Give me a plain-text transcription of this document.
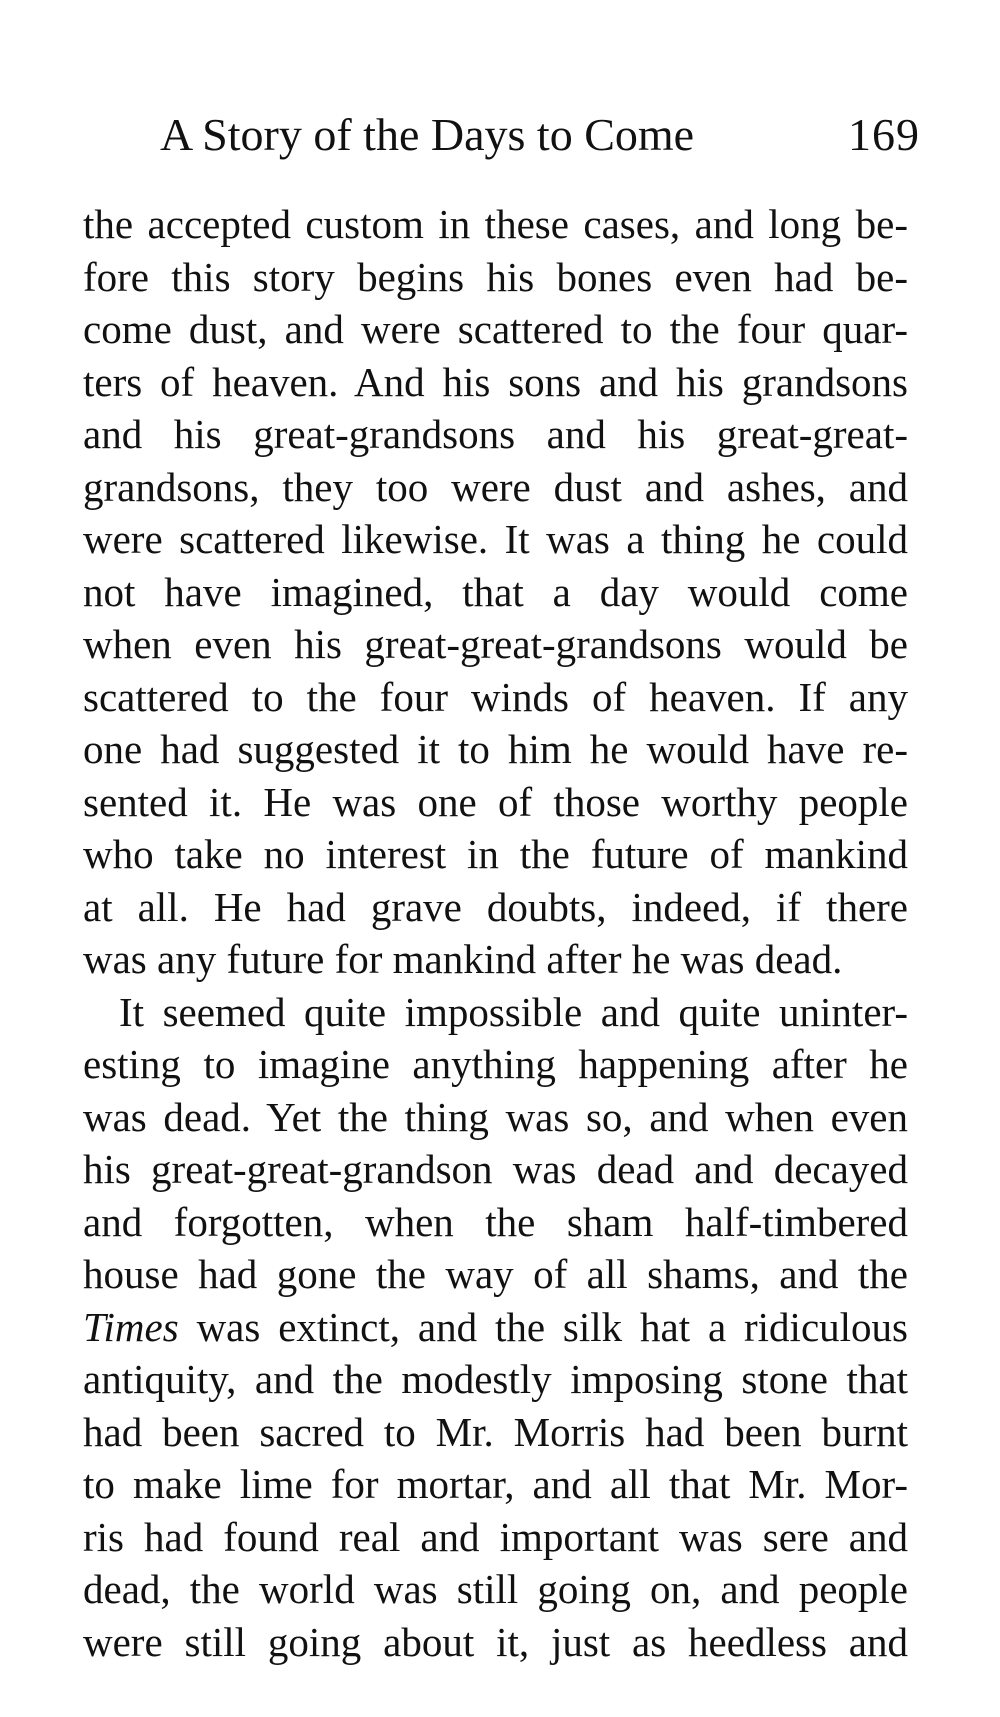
A Story of the Days to Come	169
the accepted custom in these cases, and long be-
fore this story begins his bones even had be-
come dust, and were scattered to the four quar-
ters of heaven. And his sons and his grandsons
and his great-grandsons and his great-great-
grandsons, they too were dust and ashes, and
were scattered likewise. It was a thing he could
not have imagined, that a day would come
when even his great-great-grandsons would be
scattered to the four winds of heaven. If any
one had suggested it to him he would have re-
sented it. He was one of those worthy people
who take no interest in the future of mankind
at all. He had grave doubts, indeed, if there
was any future for mankind after he was dead.
It seemed quite impossible and quite uninter-
esting to imagine anything happening after he
was dead. Yet the thing was so, and when even
his great-great-grandson was dead and decayed
and forgotten, when the sham half-timbered
house had gone the way of all shams, and the
Times was extinct, and the silk hat a ridiculous
antiquity, and the modestly imposing stone that
had been sacred to Mr. Morris had been burnt
to make lime for mortar, and all that Mr. Mor-
ris had found real and important was sere and
dead, the world was still going on, and people
were still going about it, just as heedless and
